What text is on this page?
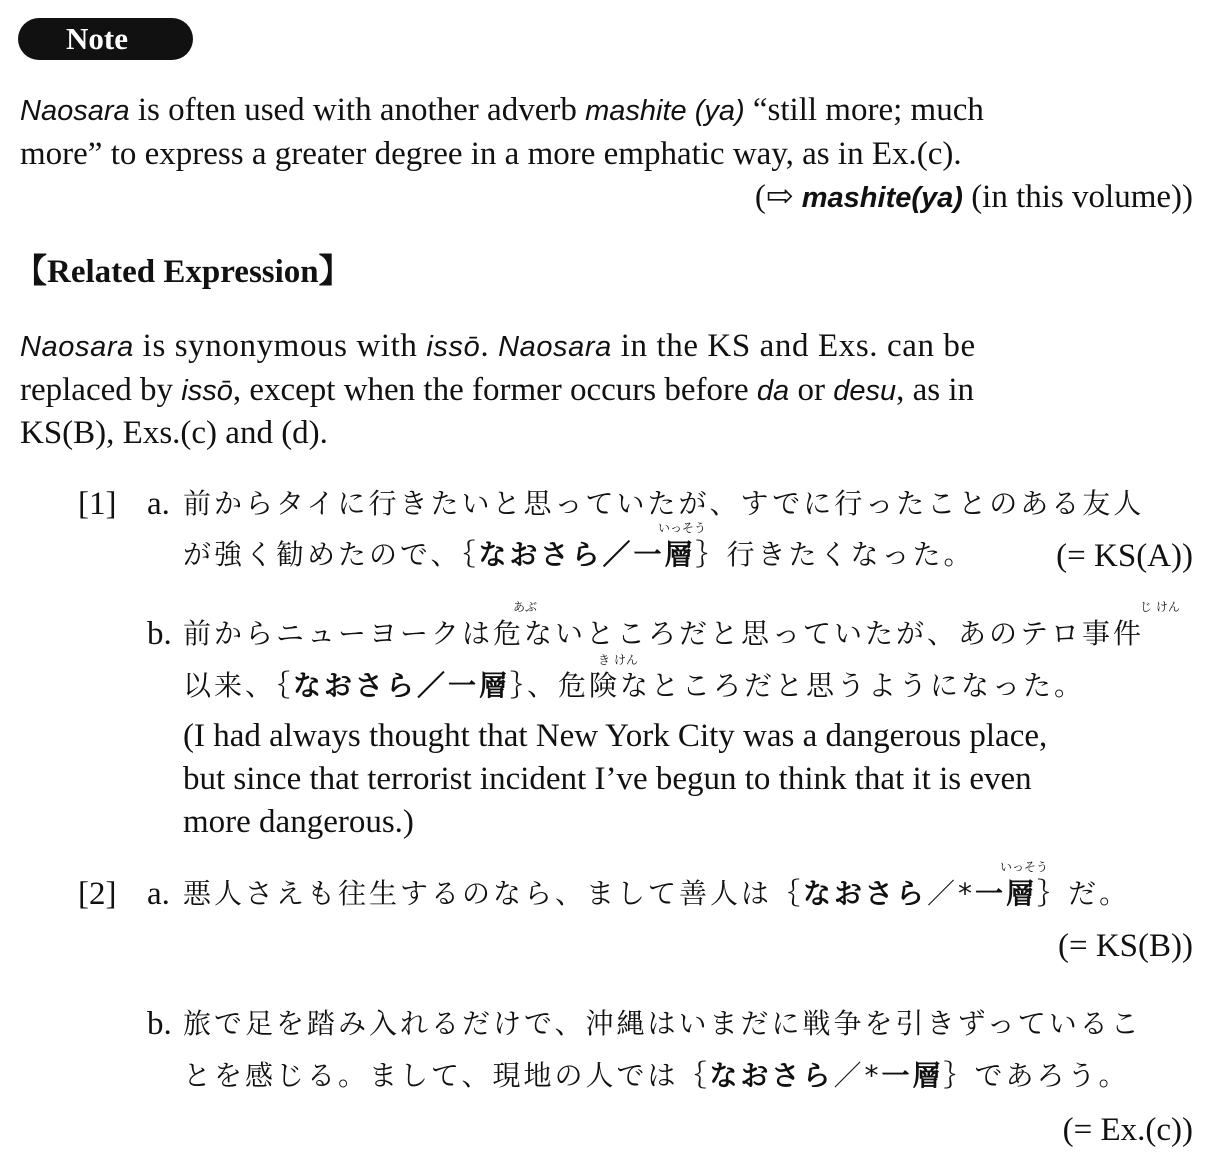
Note
Naosara is often used with another adverb mashite (ya) “still more; much
more” to express a greater degree in a more emphatic way, as in Ex.(c).
(⇨ mashite(ya) (in this volume))
【Related Expression】
Naosara is synonymous with issō. Naosara in the KS and Exs. can be
replaced by issō, except when the former occurs before da or desu, as in
KS(B), Exs.(c) and (d).
[1] a. 前からタイに行きたいと思っていたが、すでに行ったことのある友人
いっそう
が強く勧めたので、｛なおさら／一層｝行きたくなった。 (= KS(A))
あぶ	じ けん
b. 前からニューヨークは危ないところだと思っていたが、あのテロ事件
き けん
以来、｛なおさら／一層｝、危険なところだと思うようになった。
(I had always thought that New York City was a dangerous place,
but since that terrorist incident I’ve begun to think that it is even
more dangerous.)
いっそう
[2] a. 悪人さえも往生するのなら、まして善人は｛なおさら／*一層｝だ。
(= KS(B))
b. 旅で足を踏み入れるだけで、沖縄はいまだに戦争を引きずっているこ
とを感じる。まして、現地の人では｛なおさら／*一層｝であろう。
(= Ex.(c))
